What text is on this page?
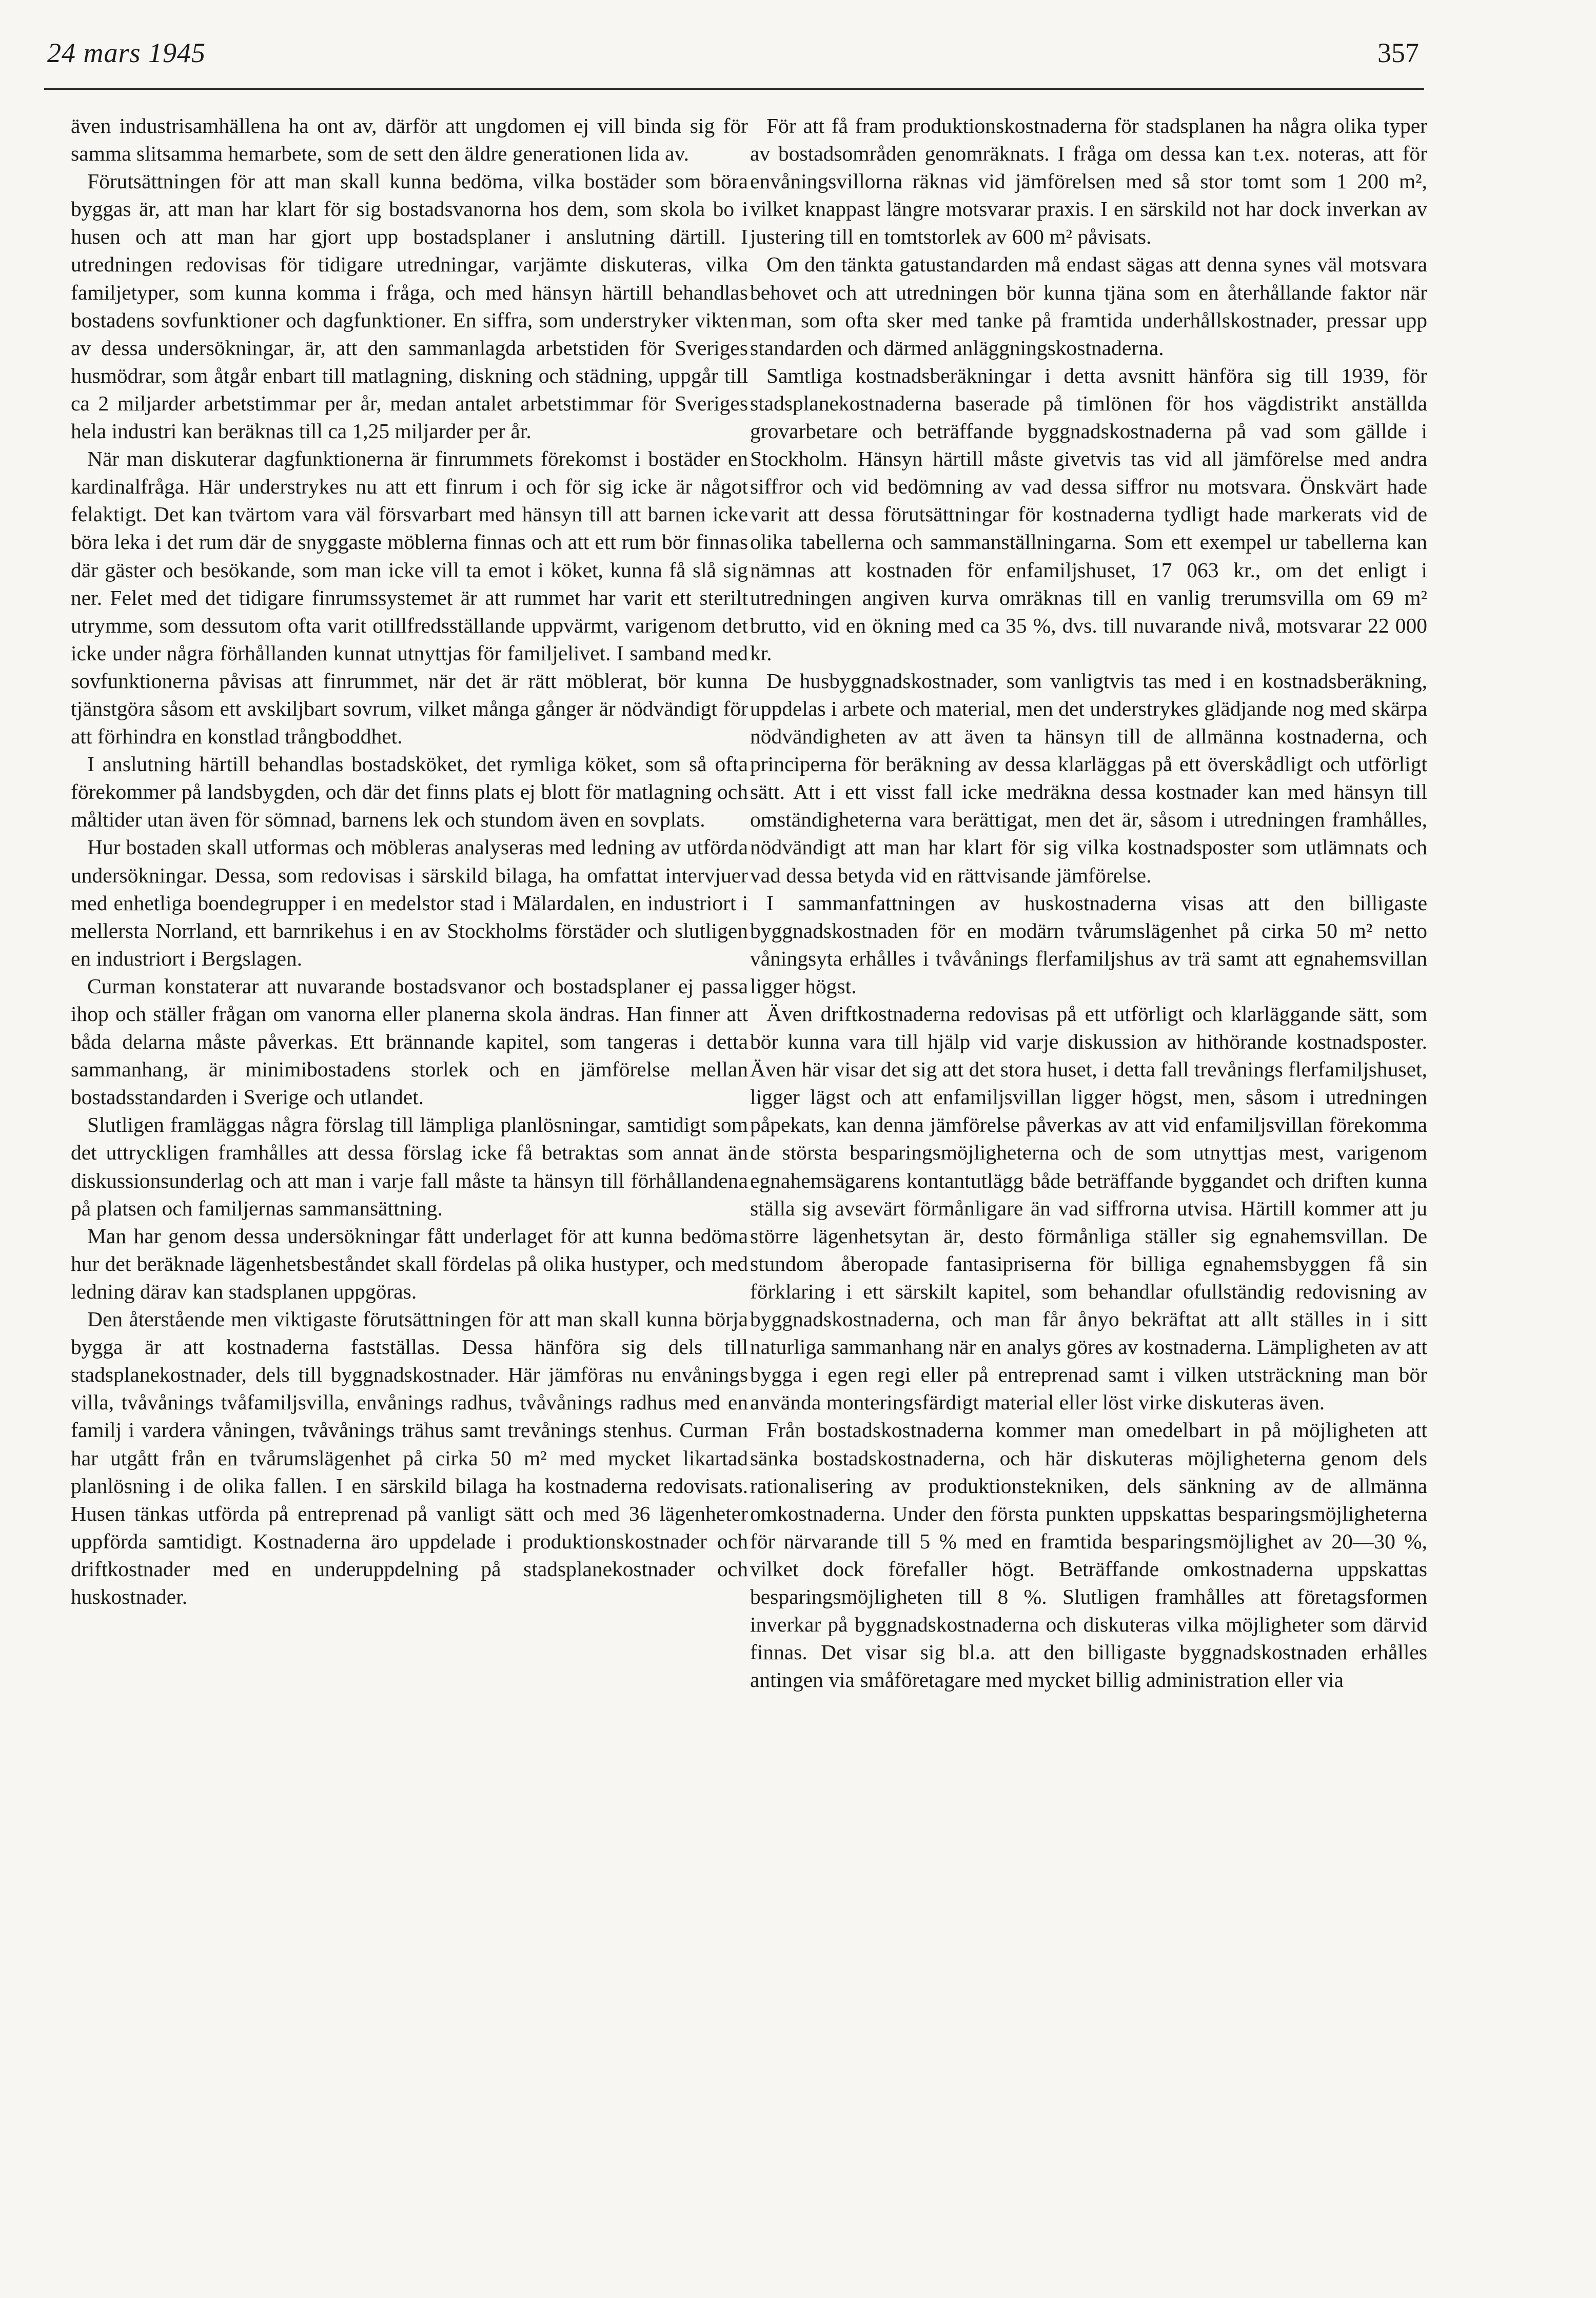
24 mars 1945	357

även industrisamhällena ha ont av, därför att ungdomen ej vill binda sig för samma slitsamma hemarbete, som de sett den äldre generationen lida av.

Förutsättningen för att man skall kunna bedöma, vilka bostäder som böra byggas är, att man har klart för sig bostadsvanorna hos dem, som skola bo i husen och att man har gjort upp bostadsplaner i anslutning därtill. I utredningen redovisas för tidigare utredningar, varjämte diskuteras, vilka familjetyper, som kunna komma i fråga, och med hänsyn härtill behandlas bostadens sovfunktioner och dagfunktioner. En siffra, som understryker vikten av dessa undersökningar, är, att den sammanlagda arbetstiden för Sveriges husmödrar, som åtgår enbart till matlagning, diskning och städning, uppgår till ca 2 miljarder arbetstimmar per år, medan antalet arbetstimmar för Sveriges hela industri kan beräknas till ca 1,25 miljarder per år.

När man diskuterar dagfunktionerna är finrummets förekomst i bostäder en kardinalfråga. Här understrykes nu att ett finrum i och för sig icke är något felaktigt. Det kan tvärtom vara väl försvarbart med hänsyn till att barnen icke böra leka i det rum där de snyggaste möblerna finnas och att ett rum bör finnas där gäster och besökande, som man icke vill ta emot i köket, kunna få slå sig ner. Felet med det tidigare finrumssystemet är att rummet har varit ett sterilt utrymme, som dessutom ofta varit otillfredsställande uppvärmt, varigenom det icke under några förhållanden kunnat utnyttjas för familjelivet. I samband med sovfunktionerna påvisas att finrummet, när det är rätt möblerat, bör kunna tjänstgöra såsom ett avskiljbart sovrum, vilket många gånger är nödvändigt för att förhindra en konstlad trångboddhet.

I anslutning härtill behandlas bostadsköket, det rymliga köket, som så ofta förekommer på landsbygden, och där det finns plats ej blott för matlagning och måltider utan även för sömnad, barnens lek och stundom även en sovplats.

Hur bostaden skall utformas och möbleras analyseras med ledning av utförda undersökningar. Dessa, som redovisas i särskild bilaga, ha omfattat intervjuer med enhetliga boendegrupper i en medelstor stad i Mälardalen, en industriort i mellersta Norrland, ett barnrikehus i en av Stockholms förstäder och slutligen en industriort i Bergslagen.

Curman konstaterar att nuvarande bostadsvanor och bostadsplaner ej passa ihop och ställer frågan om vanorna eller planerna skola ändras. Han finner att båda delarna måste påverkas. Ett brännande kapitel, som tangeras i detta sammanhang, är minimibostadens storlek och en jämförelse mellan bostadsstandarden i Sverige och utlandet.

Slutligen framläggas några förslag till lämpliga planlösningar, samtidigt som det uttryckligen framhålles att dessa förslag icke få betraktas som annat än diskussionsunderlag och att man i varje fall måste ta hänsyn till förhållandena på platsen och familjernas sammansättning.

Man har genom dessa undersökningar fått underlaget för att kunna bedöma hur det beräknade lägenhetsbeståndet skall fördelas på olika hustyper, och med ledning därav kan stadsplanen uppgöras.

Den återstående men viktigaste förutsättningen för att man skall kunna börja bygga är att kostnaderna fastställas. Dessa hänföra sig dels till stadsplanekostnader, dels till byggnadskostnader. Här jämföras nu envånings villa, tvåvånings tvåfamiljsvilla, envånings radhus, tvåvånings radhus med en familj i vardera våningen, tvåvånings trähus samt trevånings stenhus. Curman har utgått från en tvårumslägenhet på cirka 50 m² med mycket likartad planlösning i de olika fallen. I en särskild bilaga ha kostnaderna redovisats. Husen tänkas utförda på entreprenad på vanligt sätt och med 36 lägenheter uppförda samtidigt. Kostnaderna äro uppdelade i produktionskostnader och driftkostnader med en underuppdelning på stadsplanekostnader och huskostnader.

För att få fram produktionskostnaderna för stadsplanen ha några olika typer av bostadsområden genomräknats. I fråga om dessa kan t.ex. noteras, att för envåningsvillorna räknas vid jämförelsen med så stor tomt som 1 200 m², vilket knappast längre motsvarar praxis. I en särskild not har dock inverkan av justering till en tomtstorlek av 600 m² påvisats.

Om den tänkta gatustandarden må endast sägas att denna synes väl motsvara behovet och att utredningen bör kunna tjäna som en återhållande faktor när man, som ofta sker med tanke på framtida underhållskostnader, pressar upp standarden och därmed anläggningskostnaderna.

Samtliga kostnadsberäkningar i detta avsnitt hänföra sig till 1939, för stadsplanekostnaderna baserade på timlönen för hos vägdistrikt anställda grovarbetare och beträffande byggnadskostnaderna på vad som gällde i Stockholm. Hänsyn härtill måste givetvis tas vid all jämförelse med andra siffror och vid bedömning av vad dessa siffror nu motsvara. Önskvärt hade varit att dessa förutsättningar för kostnaderna tydligt hade markerats vid de olika tabellerna och sammanställningarna. Som ett exempel ur tabellerna kan nämnas att kostnaden för enfamiljshuset, 17 063 kr., om det enligt i utredningen angiven kurva omräknas till en vanlig trerumsvilla om 69 m² brutto, vid en ökning med ca 35 %, dvs. till nuvarande nivå, motsvarar 22 000 kr.

De husbyggnadskostnader, som vanligtvis tas med i en kostnadsberäkning, uppdelas i arbete och material, men det understrykes glädjande nog med skärpa nödvändigheten av att även ta hänsyn till de allmänna kostnaderna, och principerna för beräkning av dessa klarläggas på ett överskådligt och utförligt sätt. Att i ett visst fall icke medräkna dessa kostnader kan med hänsyn till omständigheterna vara berättigat, men det är, såsom i utredningen framhålles, nödvändigt att man har klart för sig vilka kostnadsposter som utlämnats och vad dessa betyda vid en rättvisande jämförelse.

I sammanfattningen av huskostnaderna visas att den billigaste byggnadskostnaden för en modärn tvårumslägenhet på cirka 50 m² netto våningsyta erhålles i tvåvånings flerfamiljshus av trä samt att egnahemsvillan ligger högst.

Även driftkostnaderna redovisas på ett utförligt och klarläggande sätt, som bör kunna vara till hjälp vid varje diskussion av hithörande kostnadsposter. Även här visar det sig att det stora huset, i detta fall trevånings flerfamiljshuset, ligger lägst och att enfamiljsvillan ligger högst, men, såsom i utredningen påpekats, kan denna jämförelse påverkas av att vid enfamiljsvillan förekomma de största besparingsmöjligheterna och de som utnyttjas mest, varigenom egnahemsägarens kontantutlägg både beträffande byggandet och driften kunna ställa sig avsevärt förmånligare än vad siffrorna utvisa. Härtill kommer att ju större lägenhetsytan är, desto förmånliga ställer sig egnahemsvillan. De stundom åberopade fantasipriserna för billiga egnahemsbyggen få sin förklaring i ett särskilt kapitel, som behandlar ofullständig redovisning av byggnadskostnaderna, och man får ånyo bekräftat att allt ställes in i sitt naturliga sammanhang när en analys göres av kostnaderna. Lämpligheten av att bygga i egen regi eller på entreprenad samt i vilken utsträckning man bör använda monteringsfärdigt material eller löst virke diskuteras även.

Från bostadskostnaderna kommer man omedelbart in på möjligheten att sänka bostadskostnaderna, och här diskuteras möjligheterna genom dels rationalisering av produktionstekniken, dels sänkning av de allmänna omkostnaderna. Under den första punkten uppskattas besparingsmöjligheterna för närvarande till 5 % med en framtida besparingsmöjlighet av 20—30 %, vilket dock förefaller högt. Beträffande omkostnaderna uppskattas besparingsmöjligheten till 8 %. Slutligen framhålles att företagsformen inverkar på byggnadskostnaderna och diskuteras vilka möjligheter som därvid finnas. Det visar sig bl.a. att den billigaste byggnadskostnaden erhålles antingen via småföretagare med mycket billig administration eller via
